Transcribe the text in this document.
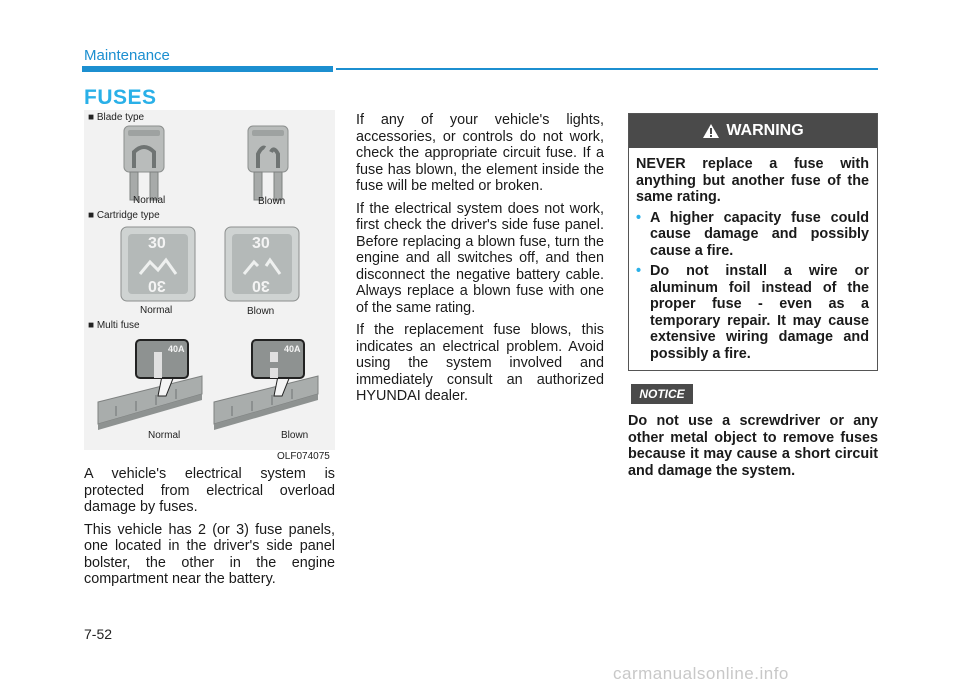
Maintenance
FUSES
■ Blade type
Normal	Blown
■ Cartridge type
30
30
Normal
30
30
Blown
■ Multi fuse
40A
Normal
40A
Blown
OLF074075

A vehicle's electrical system is protected from electrical overload damage by fuses.

This vehicle has 2 (or 3) fuse panels, one located in the driver's side panel bolster, the other in the engine compartment near the battery.

If any of your vehicle's lights, accessories, or controls do not work, check the appropriate circuit fuse. If a fuse has blown, the element inside the fuse will be melted or broken.

If the electrical system does not work, first check the driver's side fuse panel. Before replacing a blown fuse, turn the engine and all switches off, and then disconnect the negative battery cable. Always replace a blown fuse with one of the same rating.

If the replacement fuse blows, this indicates an electrical problem. Avoid using the system involved and immediately consult an authorized HYUNDAI dealer.

WARNING

NEVER replace a fuse with anything but another fuse of the same rating.

• A higher capacity fuse could cause damage and possibly cause a fire.
• Do not install a wire or aluminum foil instead of the proper fuse - even as a temporary repair. It may cause extensive wiring damage and possibly a fire.
NOTICE
Do not use a screwdriver or any other metal object to remove fuses because it may cause a short circuit and damage the system.
7-52
carmanualsonline.info
